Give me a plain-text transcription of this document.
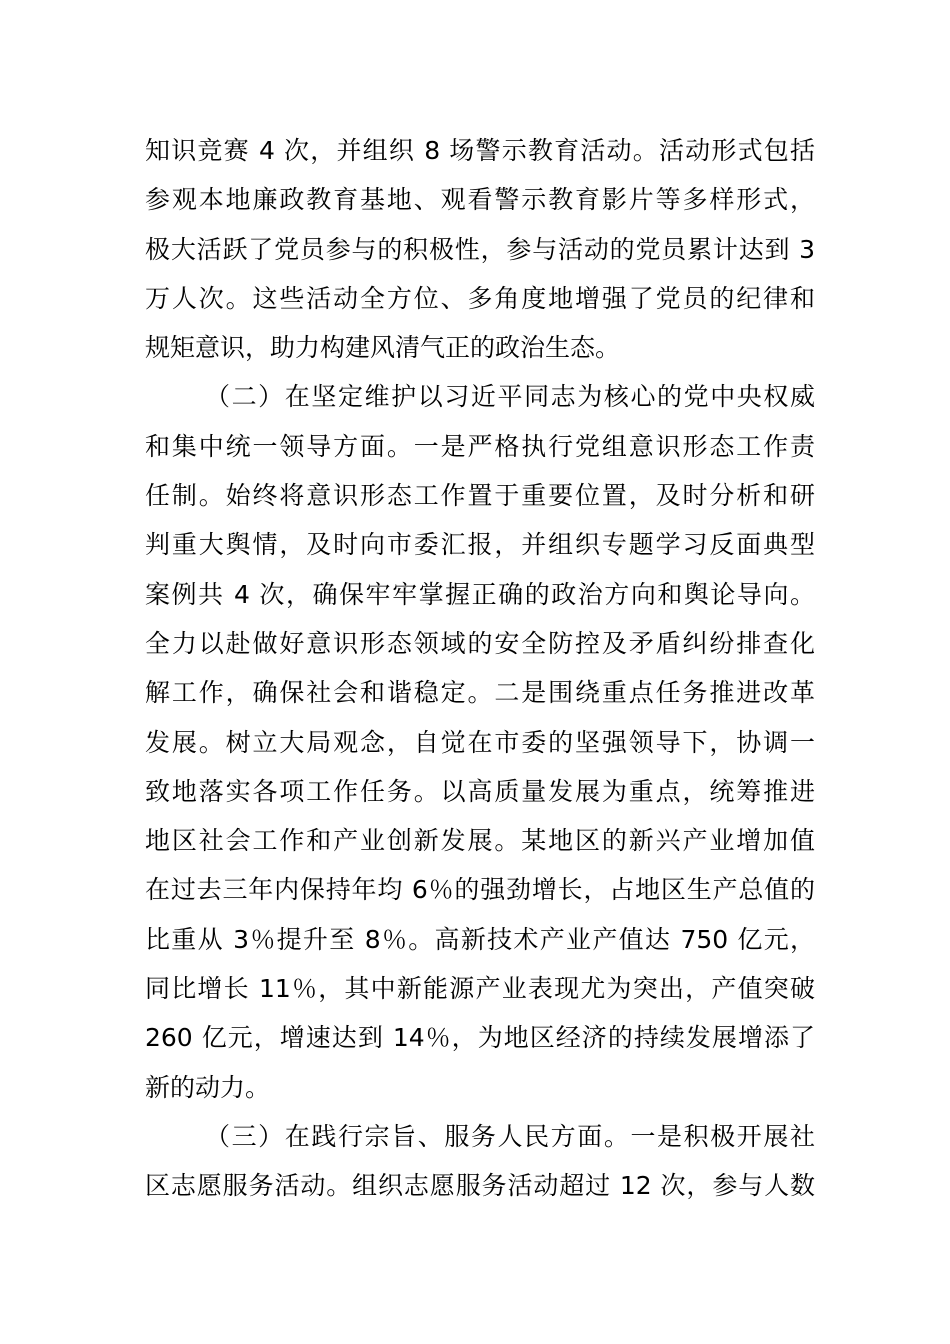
知识竞赛 4 次，并组织 8 场警示教育活动。活动形式包括
参观本地廉政教育基地、观看警示教育影片等多样形式，
极大活跃了党员参与的积极性，参与活动的党员累计达到 3
万人次。这些活动全方位、多角度地增强了党员的纪律和
规矩意识，助力构建风清气正的政治生态。
（二）在坚定维护以习近平同志为核心的党中央权威
和集中统一领导方面。一是严格执行党组意识形态工作责
任制。始终将意识形态工作置于重要位置，及时分析和研
判重大舆情，及时向市委汇报，并组织专题学习反面典型
案例共 4 次，确保牢牢掌握正确的政治方向和舆论导向。
全力以赴做好意识形态领域的安全防控及矛盾纠纷排查化
解工作，确保社会和谐稳定。二是围绕重点任务推进改革
发展。树立大局观念，自觉在市委的坚强领导下，协调一
致地落实各项工作任务。以高质量发展为重点，统筹推进
地区社会工作和产业创新发展。某地区的新兴产业增加值
在过去三年内保持年均 6％的强劲增长，占地区生产总值的
比重从 3％提升至 8％。高新技术产业产值达 750 亿元，
同比增长 11％，其中新能源产业表现尤为突出，产值突破
260 亿元，增速达到 14％，为地区经济的持续发展增添了
新的动力。
（三）在践行宗旨、服务人民方面。一是积极开展社
区志愿服务活动。组织志愿服务活动超过 12 次，参与人数
